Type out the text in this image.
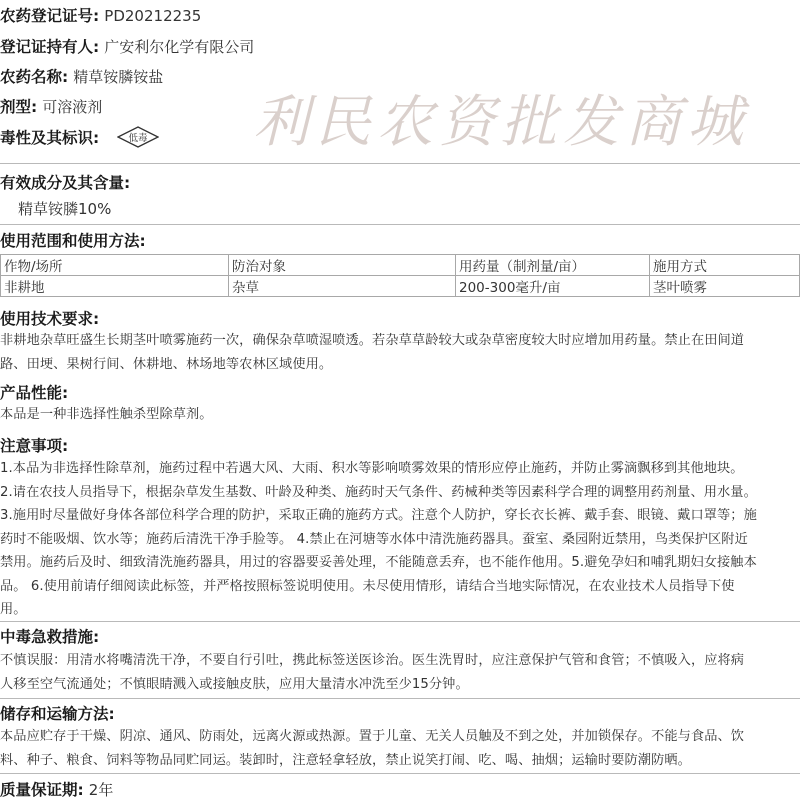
利民农资批发商城
农药登记证号: PD20212235
登记证持有人: 广安利尔化学有限公司
农药名称: 精草铵膦铵盐
剂型: 可溶液剂
毒性及其标识:	低毒
有效成分及其含量:
精草铵膦10%
使用范围和使用方法:
作物/场所	防治对象	用药量（制剂量/亩）	施用方式
非耕地	杂草	200-300毫升/亩	茎叶喷雾
使用技术要求:
非耕地杂草旺盛生长期茎叶喷雾施药一次，确保杂草喷湿喷透。若杂草草龄较大或杂草密度较大时应增加用药量。禁止在田间道
路、田埂、果树行间、休耕地、林场地等农林区域使用。
产品性能:
本品是一种非选择性触杀型除草剂。
注意事项:
1.本品为非选择性除草剂，施药过程中若遇大风、大雨、积水等影响喷雾效果的情形应停止施药，并防止雾滴飘移到其他地块。
2.请在农技人员指导下，根据杂草发生基数、叶龄及种类、施药时天气条件、药械种类等因素科学合理的调整用药剂量、用水量。
3.施用时尽量做好身体各部位科学合理的防护，采取正确的施药方式。注意个人防护，穿长衣长裤、戴手套、眼镜、戴口罩等；施
药时不能吸烟、饮水等；施药后清洗干净手脸等。 4.禁止在河塘等水体中清洗施药器具。蚕室、桑园附近禁用，鸟类保护区附近
禁用。施药后及时、细致清洗施药器具，用过的容器要妥善处理，不能随意丢弃，也不能作他用。5.避免孕妇和哺乳期妇女接触本
品。 6.使用前请仔细阅读此标签，并严格按照标签说明使用。未尽使用情形，请结合当地实际情况，在农业技术人员指导下使
用。
中毒急救措施:
不慎误服：用清水将嘴清洗干净，不要自行引吐，携此标签送医诊治。医生洗胃时，应注意保护气管和食管；不慎吸入，应将病
人移至空气流通处；不慎眼睛溅入或接触皮肤，应用大量清水冲洗至少15分钟。
储存和运输方法:
本品应贮存于干燥、阴凉、通风、防雨处，远离火源或热源。置于儿童、无关人员触及不到之处，并加锁保存。不能与食品、饮
料、种子、粮食、饲料等物品同贮同运。装卸时，注意轻拿轻放，禁止说笑打闹、吃、喝、抽烟；运输时要防潮防晒。
质量保证期: 2年
